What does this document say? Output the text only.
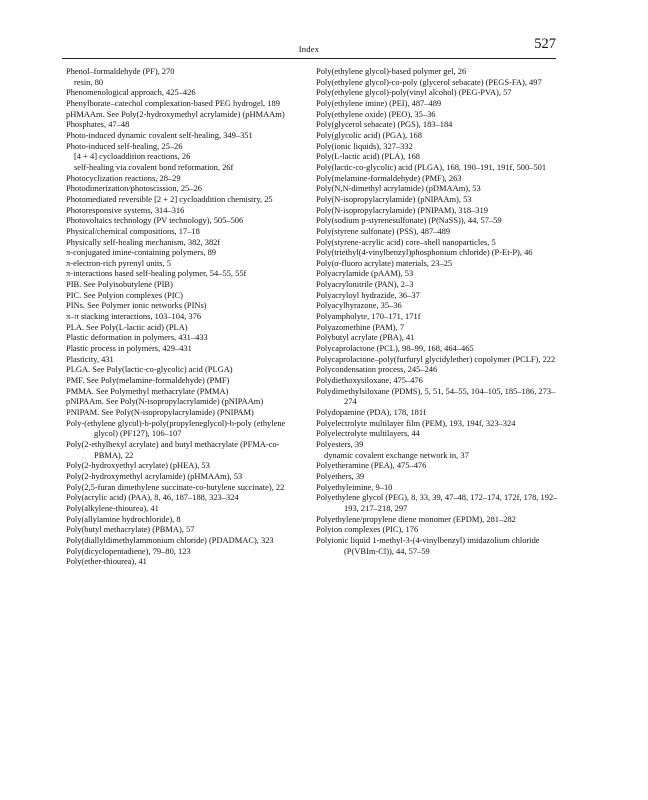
Index	527

Phenol–formaldehyde (PF), 270

resin, 80

Phenomenological approach, 425–426

Phenylborate–catechol complexation-based PEG hydrogel, 189

pHMAAm. See Poly(2-hydroxymethyl acrylamide) (pHMAAm)

Phosphates, 47–48

Photo-induced dynamic covalent self-healing, 349–351

Photo-induced self-healing, 25–26

[4 + 4] cycloaddition reactions, 26

self-healing via covalent bond reformation, 26f

Photocyclization reactions, 28–29

Photodimerization/photoscission, 25–26

Photomediated reversible [2 + 2] cycloaddition chemistry, 25

Photoresponsive systems, 314–316

Photovoltaics technology (PV technology), 505–506

Physical/chemical compositions, 17–18

Physically self-healing mechanism, 382, 382f

π-conjugated imine-containing polymers, 89

π-electron-rich pyrenyl units, 5

π-interactions based self-healing polymer, 54–55, 55f

PIB. See Polyisobutylene (PIB)

PIC. See Polyion complexes (PIC)

PINs. See Polymer ionic networks (PINs)

π–π stacking interactions, 103–104, 376

PLA. See Poly(L-lactic acid) (PLA)

Plastic deformation in polymers, 431–433

Plastic process in polymers, 429–431

Plasticity, 431

PLGA. See Poly(lactic-co-glycolic) acid (PLGA)

PMF. See Poly(melamine-formaldehyde) (PMF)

PMMA. See Polymethyl methacrylate (PMMA)

pNIPAAm. See Poly(N-isopropylacrylamide) (pNIPAAm)

PNIPAM. See Poly(N-isopropylacrylamide) (PNIPAM)

Poly-(ethylene glycol)-b-poly(propyleneglycol)-b-poly (ethylene glycol) (PF127), 106–107

Poly(2-ethylhexyl acrylate) and butyl methacrylate (PFMA-co-PBMA), 22

Poly(2-hydroxyethyl acrylate) (pHEA), 53

Poly(2-hydroxymethyl acrylamide) (pHMAAm), 53

Poly(2,5-furan dimethylene succinate-co-butylene succinate), 22

Poly(acrylic acid) (PAA), 8, 46, 187–188, 323–324

Poly(alkylene-thiourea), 41

Poly(allylamine hydrochloride), 8

Poly(butyl methacrylate) (PBMA), 57

Poly(diallyldimethylammonium chloride) (PDADMAC), 323

Poly(dicyclopentadiene), 79–80, 123

Poly(ether-thiourea), 41

Poly(ethylene glycol)-based polymer gel, 26

Poly(ethylene glycol)-co-poly (glycerol sebacate) (PEGS-FA), 497

Poly(ethylene glycol)-poly(vinyl alcohol) (PEG-PVA), 57

Poly(ethylene imine) (PEI), 487–489

Poly(ethylene oxide) (PEO), 35–36

Poly(glycerol sebacate) (PGS), 183–184

Poly(glycolic acid) (PGA), 168

Poly(ionic liquids), 327–332

Poly(L-lactic acid) (PLA), 168

Poly(lactic-co-glycolic) acid (PLGA), 168, 190–191, 191f, 500–501

Poly(melamine-formaldehyde) (PMF), 263

Poly(N,N-dimethyl acrylamide) (pDMAAm), 53

Poly(N-isopropylacrylamide) (pNIPAAm), 53

Poly(N-isopropylacrylamide) (PNIPAM), 318–319

Poly(sodium p-styrenesulfonate) (P(NaSS)), 44, 57–59

Poly(styrene sulfonate) (PSS), 487–489

Poly(styrene-acrylic acid) core–shell nanoparticles, 5

Poly(triethyl(4-vinylbenzyl)phosphonium chloride) (P-Et-P), 46

Poly(α-fluoro acrylate) materials, 23–25

Polyacrylamide (pAAM), 53

Polyacrylonitrile (PAN), 2–3

Polyacryloyl hydrazide, 36–37

Polyacylhyrazone, 35–36

Polyampholyte, 170–171, 171f

Polyazomethine (PAM), 7

Polybutyl acrylate (PBA), 41

Polycaprolactone (PCL), 98–99, 168, 464–465

Polycaprolactone–poly(furfuryl glycidylether) copolymer (PCLF), 222

Polycondensation process, 245–246

Polydiethoxysiloxane, 475–476

Polydimethylsiloxane (PDMS), 5, 51, 54–55, 104–105, 185–186, 273–274

Polydopamine (PDA), 178, 181f

Polyelectrolyte multilayer film (PEM), 193, 194f, 323–324

Polyelectrolyte multilayers, 44

Polyesters, 39

dynamic covalent exchange network in, 37

Polyetheramine (PEA), 475–476

Polyethers, 39

Polyethyleimine, 9–10

Polyethylene glycol (PEG), 8, 33, 39, 47–48, 172–174, 172f, 178, 192–193, 217–218, 297

Polyethylene/propylene diene monomer (EPDM), 281–282

Polyion complexes (PIC), 176

Polyionic liquid 1-methyl-3-(4-vinylbenzyl) imidazolium chloride (P(VBIm-Cl)), 44, 57–59
